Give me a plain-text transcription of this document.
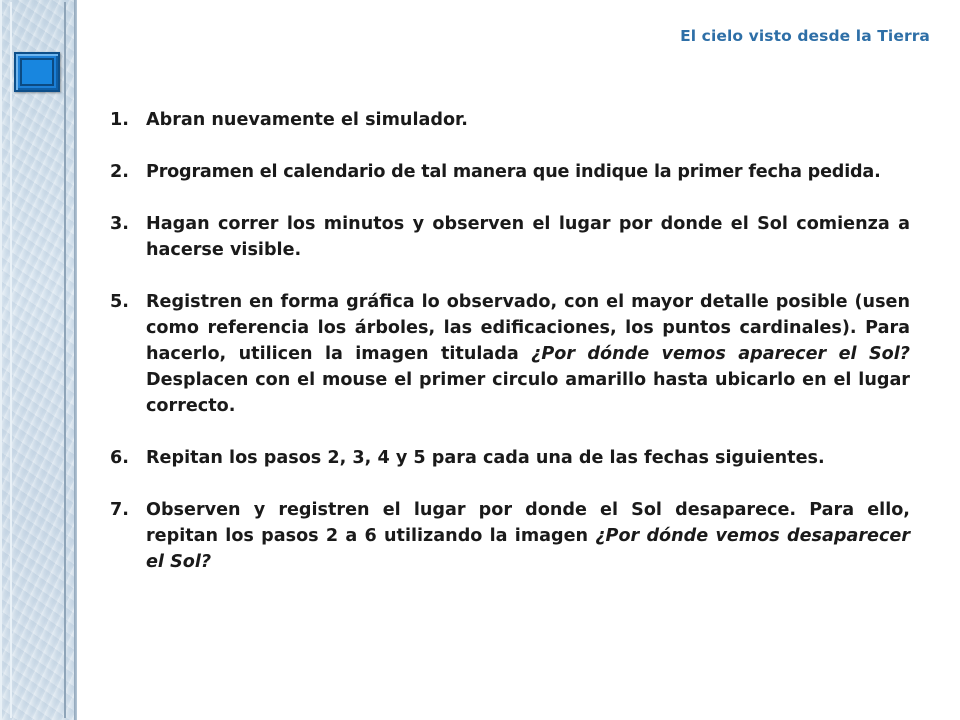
El cielo visto desde la Tierra
1. Abran nuevamente el simulador.
2. Programen el calendario de tal manera que indique la primer fecha pedida.
3. Hagan correr los minutos y observen el lugar por donde el Sol comienza a hacerse visible.
5. Registren en forma gráfica lo observado, con el mayor detalle posible (usen como referencia los árboles, las edificaciones, los puntos cardinales). Para hacerlo, utilicen la imagen titulada ¿Por dónde vemos aparecer el Sol? Desplacen con el mouse el primer circulo amarillo hasta ubicarlo en el lugar correcto.
6. Repitan los pasos 2, 3, 4 y 5 para cada una de las fechas siguientes.
7. Observen y registren el lugar por donde el Sol desaparece. Para ello, repitan los pasos 2 a 6 utilizando la imagen ¿Por dónde vemos desaparecer el Sol?
